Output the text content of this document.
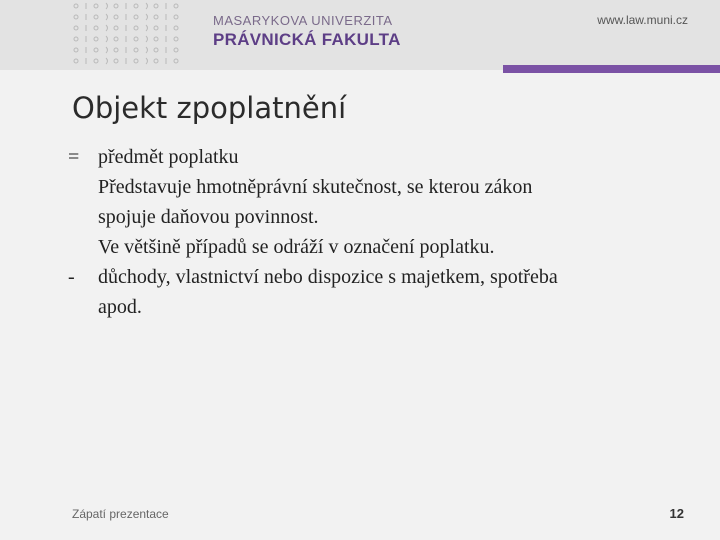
MASARYKOVA UNIVERZITA
PRÁVNICKÁ FAKULTA
www.law.muni.cz
Objekt zpoplatnění
= předmět poplatku
Představuje hmotněprávní skutečnost, se kterou zákon
spojuje daňovou povinnost.
Ve většině případů se odráží v označení poplatku.
- důchody, vlastnictví nebo dispozice s majetkem, spotřeba
apod.
Zápatí prezentace	12
